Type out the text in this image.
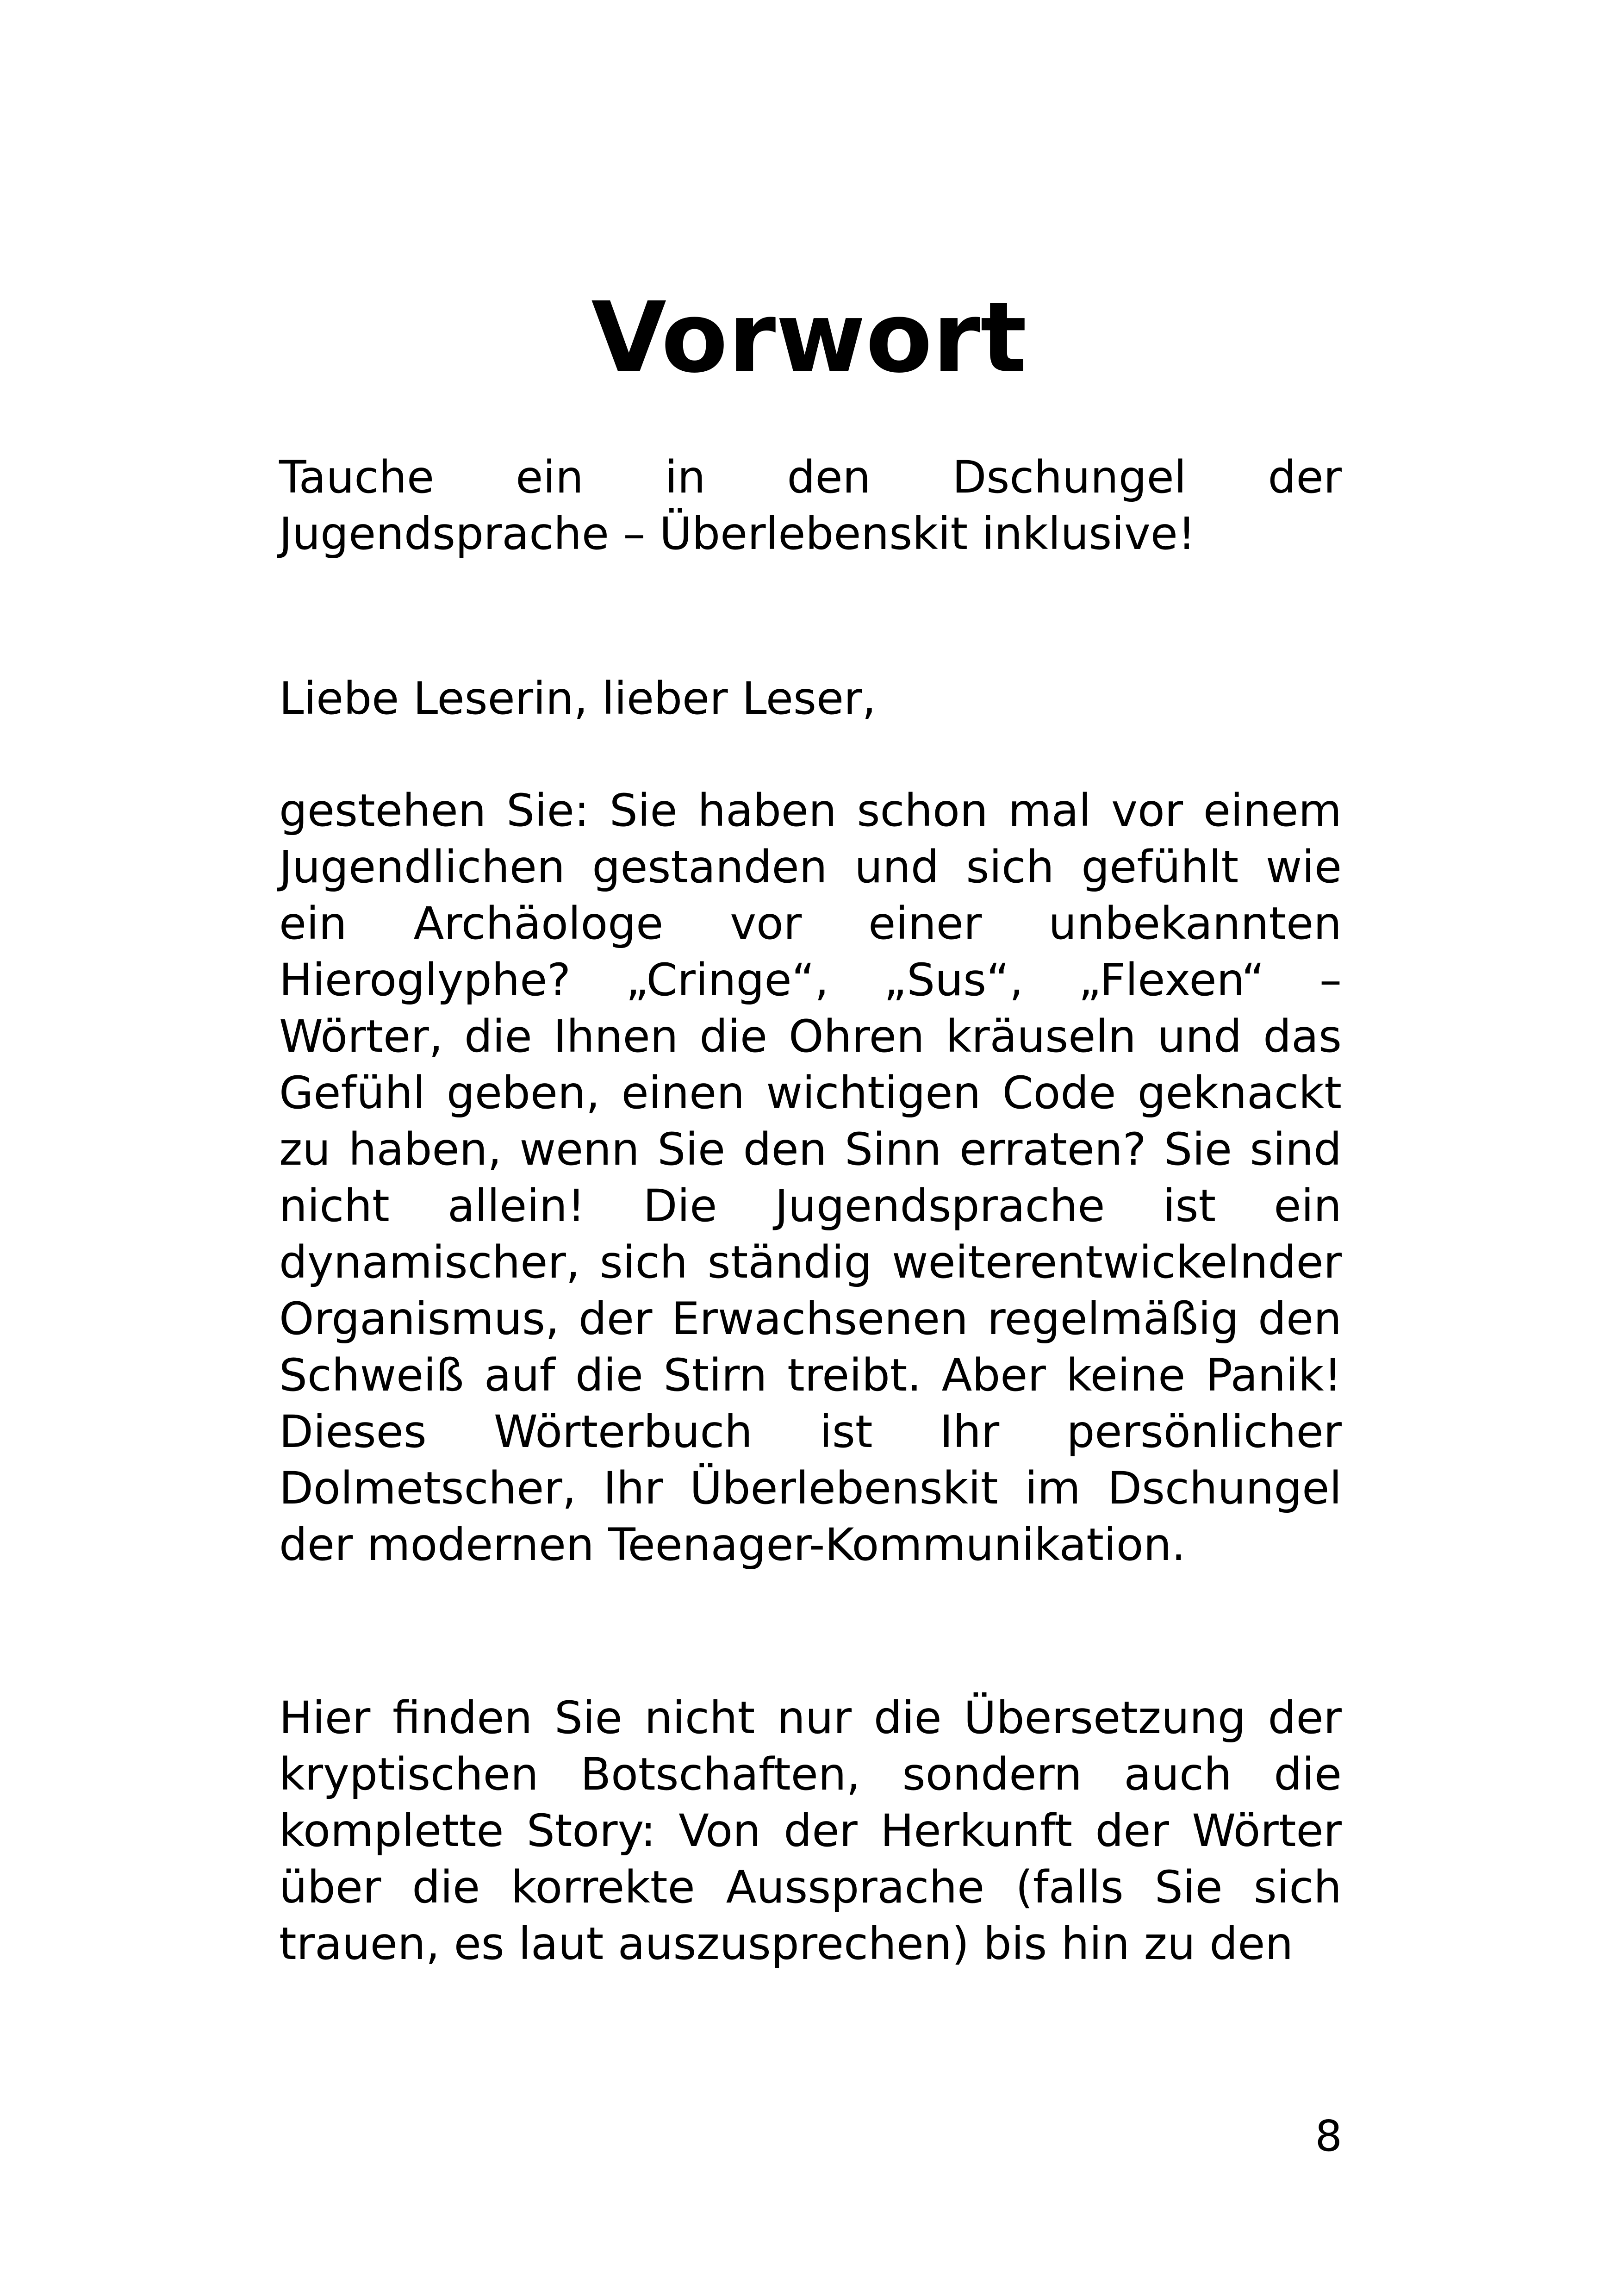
Vorwort

Tauche ein in den Dschungel der Jugendsprache – Überlebenskit inklusive!

Liebe Leserin, lieber Leser,

gestehen Sie: Sie haben schon mal vor einem Jugendlichen gestanden und sich gefühlt wie ein Archäologe vor einer unbekannten Hieroglyphe? „Cringe“, „Sus“, „Flexen“ – Wörter, die Ihnen die Ohren kräuseln und das Gefühl geben, einen wichtigen Code geknackt zu haben, wenn Sie den Sinn erraten? Sie sind nicht allein! Die Jugendsprache ist ein dynamischer, sich ständig weiterentwickelnder Organismus, der Erwachsenen regelmäßig den Schweiß auf die Stirn treibt. Aber keine Panik! Dieses Wörterbuch ist Ihr persönlicher Dolmetscher, Ihr Überlebenskit im Dschungel der modernen Teenager-Kommunikation.

Hier finden Sie nicht nur die Übersetzung der kryptischen Botschaften, sondern auch die komplette Story: Von der Herkunft der Wörter über die korrekte Aussprache (falls Sie sich trauen, es laut auszusprechen) bis hin zu den

8
